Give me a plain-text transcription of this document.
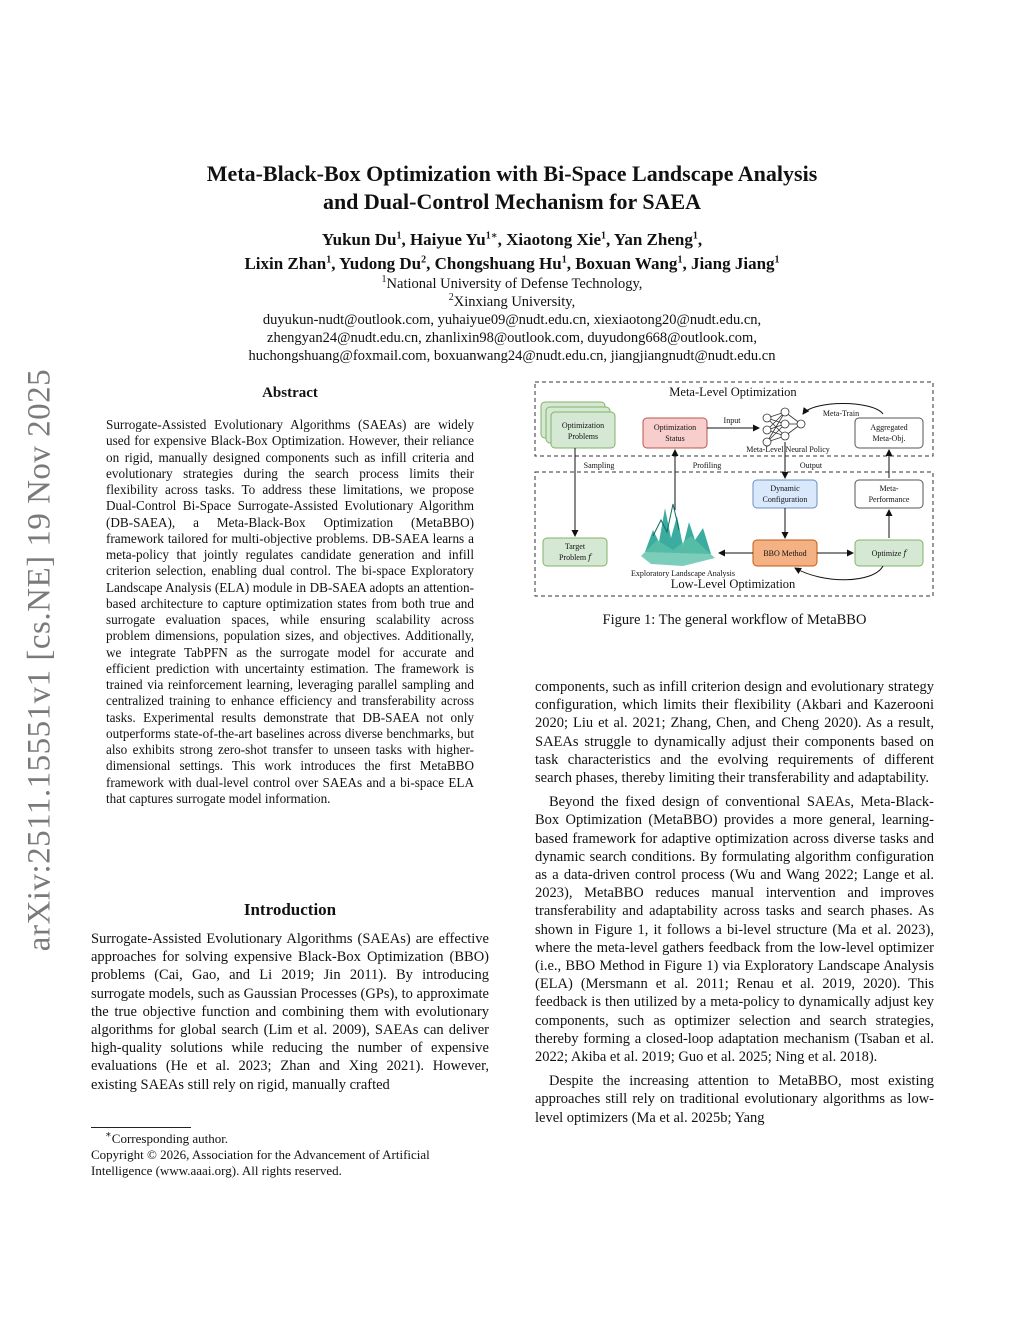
arXiv:2511.15551v1 [cs.NE] 19 Nov 2025
Meta-Black-Box Optimization with Bi-Space Landscape Analysis
and Dual-Control Mechanism for SAEA
Yukun Du$^1$, Haiyue $Yu^{1∗}$, Xiaotong Xie$^1$, Yan Zheng$^1$,
Lixin Zhan$^1$, Yudong Du$^2$, Chongshuang Hu$^1$, Boxuan Wang$^1$, Jiang Jiang$^1$
$^1$National University of Defense Technology,
$^2$Xinxiang University,
duyukun-nudt@outlook.com, yuhaiyue09@nudt.edu.cn, xiexiaotong20@nudt.edu.cn,
zhengyan24@nudt.edu.cn, zhanlixin98@outlook.com, duyudong668@outlook.com,
huchongshuang@foxmail.com, boxuanwang24@nudt.edu.cn, jiangjiangnudt@nudt.edu.cn
Abstract
Surrogate-Assisted Evolutionary Algorithms (SAEAs) are widely used for expensive Black-Box Optimization. However, their reliance on rigid, manually designed components such as infill criteria and evolutionary strategies during the search process limits their flexibility across tasks. To address these limitations, we propose Dual-Control Bi-Space Surrogate-Assisted Evolutionary Algorithm (DB-SAEA), a Meta-Black-Box Optimization (MetaBBO) framework tailored for multi-objective problems. DB-SAEA learns a meta-policy that jointly regulates candidate generation and infill criterion selection, enabling dual control. The bi-space Exploratory Landscape Analysis (ELA) module in DB-SAEA adopts an attention-based architecture to capture optimization states from both true and surrogate evaluation spaces, while ensuring scalability across problem dimensions, population sizes, and objectives. Additionally, we integrate TabPFN as the surrogate model for accurate and efficient prediction with uncertainty estimation. The framework is trained via reinforcement learning, leveraging parallel sampling and centralized training to enhance efficiency and transferability across tasks. Experimental results demonstrate that DB-SAEA not only outperforms state-of-the-art baselines across diverse benchmarks, but also exhibits strong zero-shot transfer to unseen tasks with higher-dimensional settings. This work introduces the first MetaBBO framework with dual-level control over SAEAs and a bi-space ELA that captures surrogate model information.
Introduction
Surrogate-Assisted Evolutionary Algorithms (SAEAs) are effective approaches for solving expensive Black-Box Optimization (BBO) problems (Cai, Gao, and Li 2019; Jin 2011). By introducing surrogate models, such as Gaussian Processes (GPs), to approximate the true objective function and combining them with evolutionary algorithms for global search (Lim et al. 2009), SAEAs can deliver high-quality solutions while reducing the number of expensive evaluations (He et al. 2023; Zhan and Xing 2021). However, existing SAEAs still rely on rigid, manually crafted
∗Corresponding author.
Copyright © 2026, Association for the Advancement of Artificial Intelligence (www.aaai.org). All rights reserved.
Meta-Level Optimization
Low-Level Optimization
Optimization
Problems
Optimization
Status
Input
Meta-Level Neural Policy
Meta-Train
Aggregated
Meta-Obj.
Sampling	Profiling	Output
Dynamic
Configuration
Meta-
Performance
Target
Problem 𝑓
Exploratory Landscape Analysis
BBO Method	Optimize 𝑓
Figure 1: The general workflow of MetaBBO

components, such as infill criterion design and evolutionary strategy configuration, which limits their flexibility (Akbari and Kazerooni 2020; Liu et al. 2021; Zhang, Chen, and Cheng 2020). As a result, SAEAs struggle to dynamically adjust their components based on task characteristics and the evolving requirements of different search phases, thereby limiting their transferability and adaptability.

Beyond the fixed design of conventional SAEAs, Meta-Black-Box Optimization (MetaBBO) provides a more general, learning-based framework for adaptive optimization across diverse tasks and dynamic search conditions. By formulating algorithm configuration as a data-driven control process (Wu and Wang 2022; Lange et al. 2023), MetaBBO reduces manual intervention and improves transferability and adaptability across tasks and search phases. As shown in Figure 1, it follows a bi-level structure (Ma et al. 2023), where the meta-level gathers feedback from the low-level optimizer (i.e., BBO Method in Figure 1) via Exploratory Landscape Analysis (ELA) (Mersmann et al. 2011; Renau et al. 2019, 2020). This feedback is then utilized by a meta-policy to dynamically adjust key components, such as optimizer selection and search strategies, thereby forming a closed-loop adaptation mechanism (Tsaban et al. 2022; Akiba et al. 2019; Guo et al. 2025; Ning et al. 2018).

Despite the increasing attention to MetaBBO, most existing approaches still rely on traditional evolutionary algorithms as low-level optimizers (Ma et al. 2025b; Yang
